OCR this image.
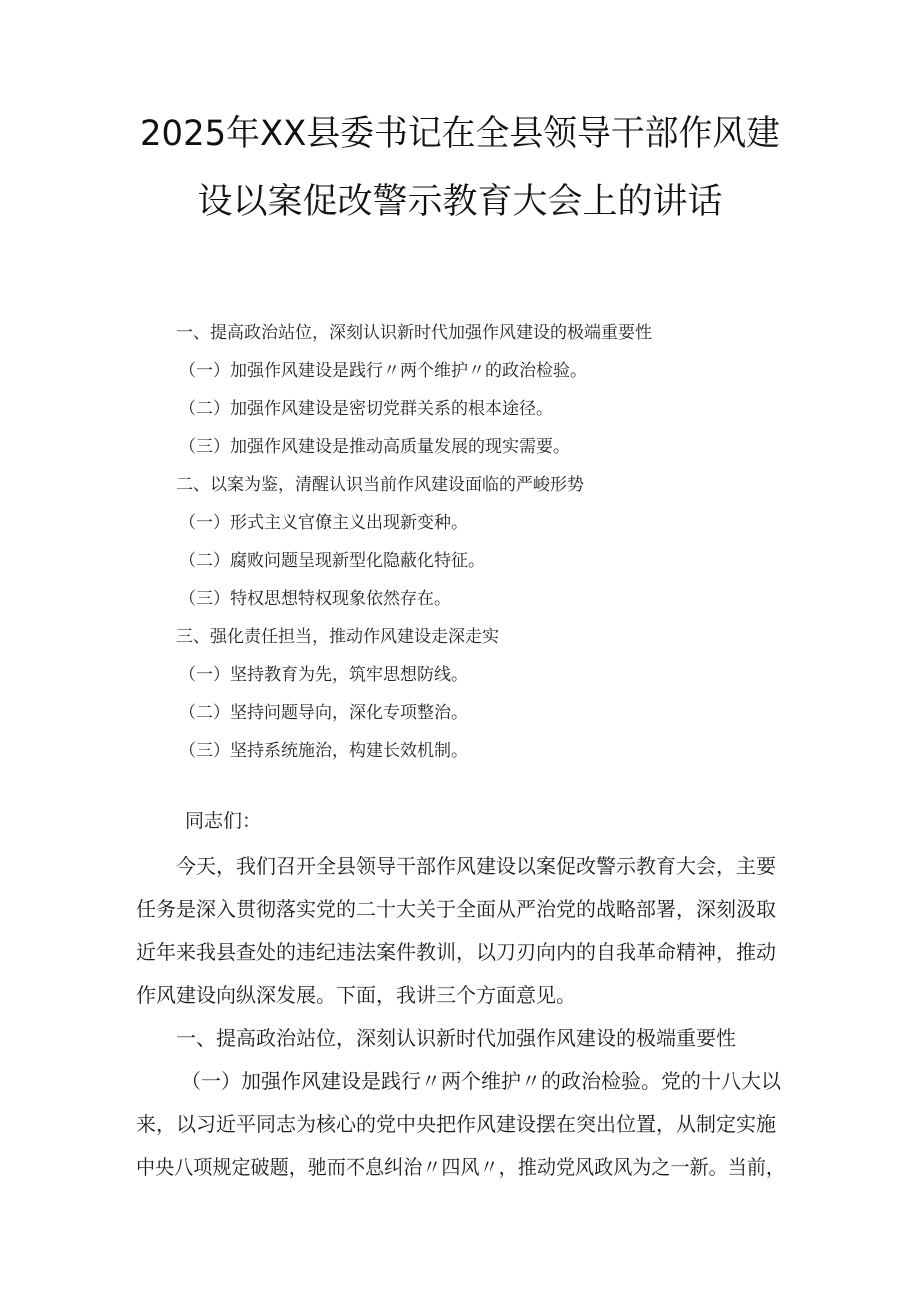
2025年XX县委书记在全县领导干部作风建
设以案促改警示教育大会上的讲话
一、提高政治站位，深刻认识新时代加强作风建设的极端重要性
（一）加强作风建设是践行〃两个维护〃的政治检验。
（二）加强作风建设是密切党群关系的根本途径。
（三）加强作风建设是推动高质量发展的现实需要。
二、以案为鉴，清醒认识当前作风建设面临的严峻形势
（一）形式主义官僚主义出现新变种。
（二）腐败问题呈现新型化隐蔽化特征。
（三）特权思想特权现象依然存在。
三、强化责任担当，推动作风建设走深走实
（一）坚持教育为先，筑牢思想防线。
（二）坚持问题导向，深化专项整治。
（三）坚持系统施治，构建长效机制。
同志们：
今天，我们召开全县领导干部作风建设以案促改警示教育大会，主要
任务是深入贯彻落实党的二十大关于全面从严治党的战略部署，深刻汲取
近年来我县查处的违纪违法案件教训，以刀刃向内的自我革命精神，推动
作风建设向纵深发展。下面，我讲三个方面意见。
一、提高政治站位，深刻认识新时代加强作风建设的极端重要性
（一）加强作风建设是践行〃两个维护〃的政治检验。党的十八大以
来，以习近平同志为核心的党中央把作风建设摆在突出位置，从制定实施
中央八项规定破题，驰而不息纠治〃四风〃，推动党风政风为之一新。当前，
